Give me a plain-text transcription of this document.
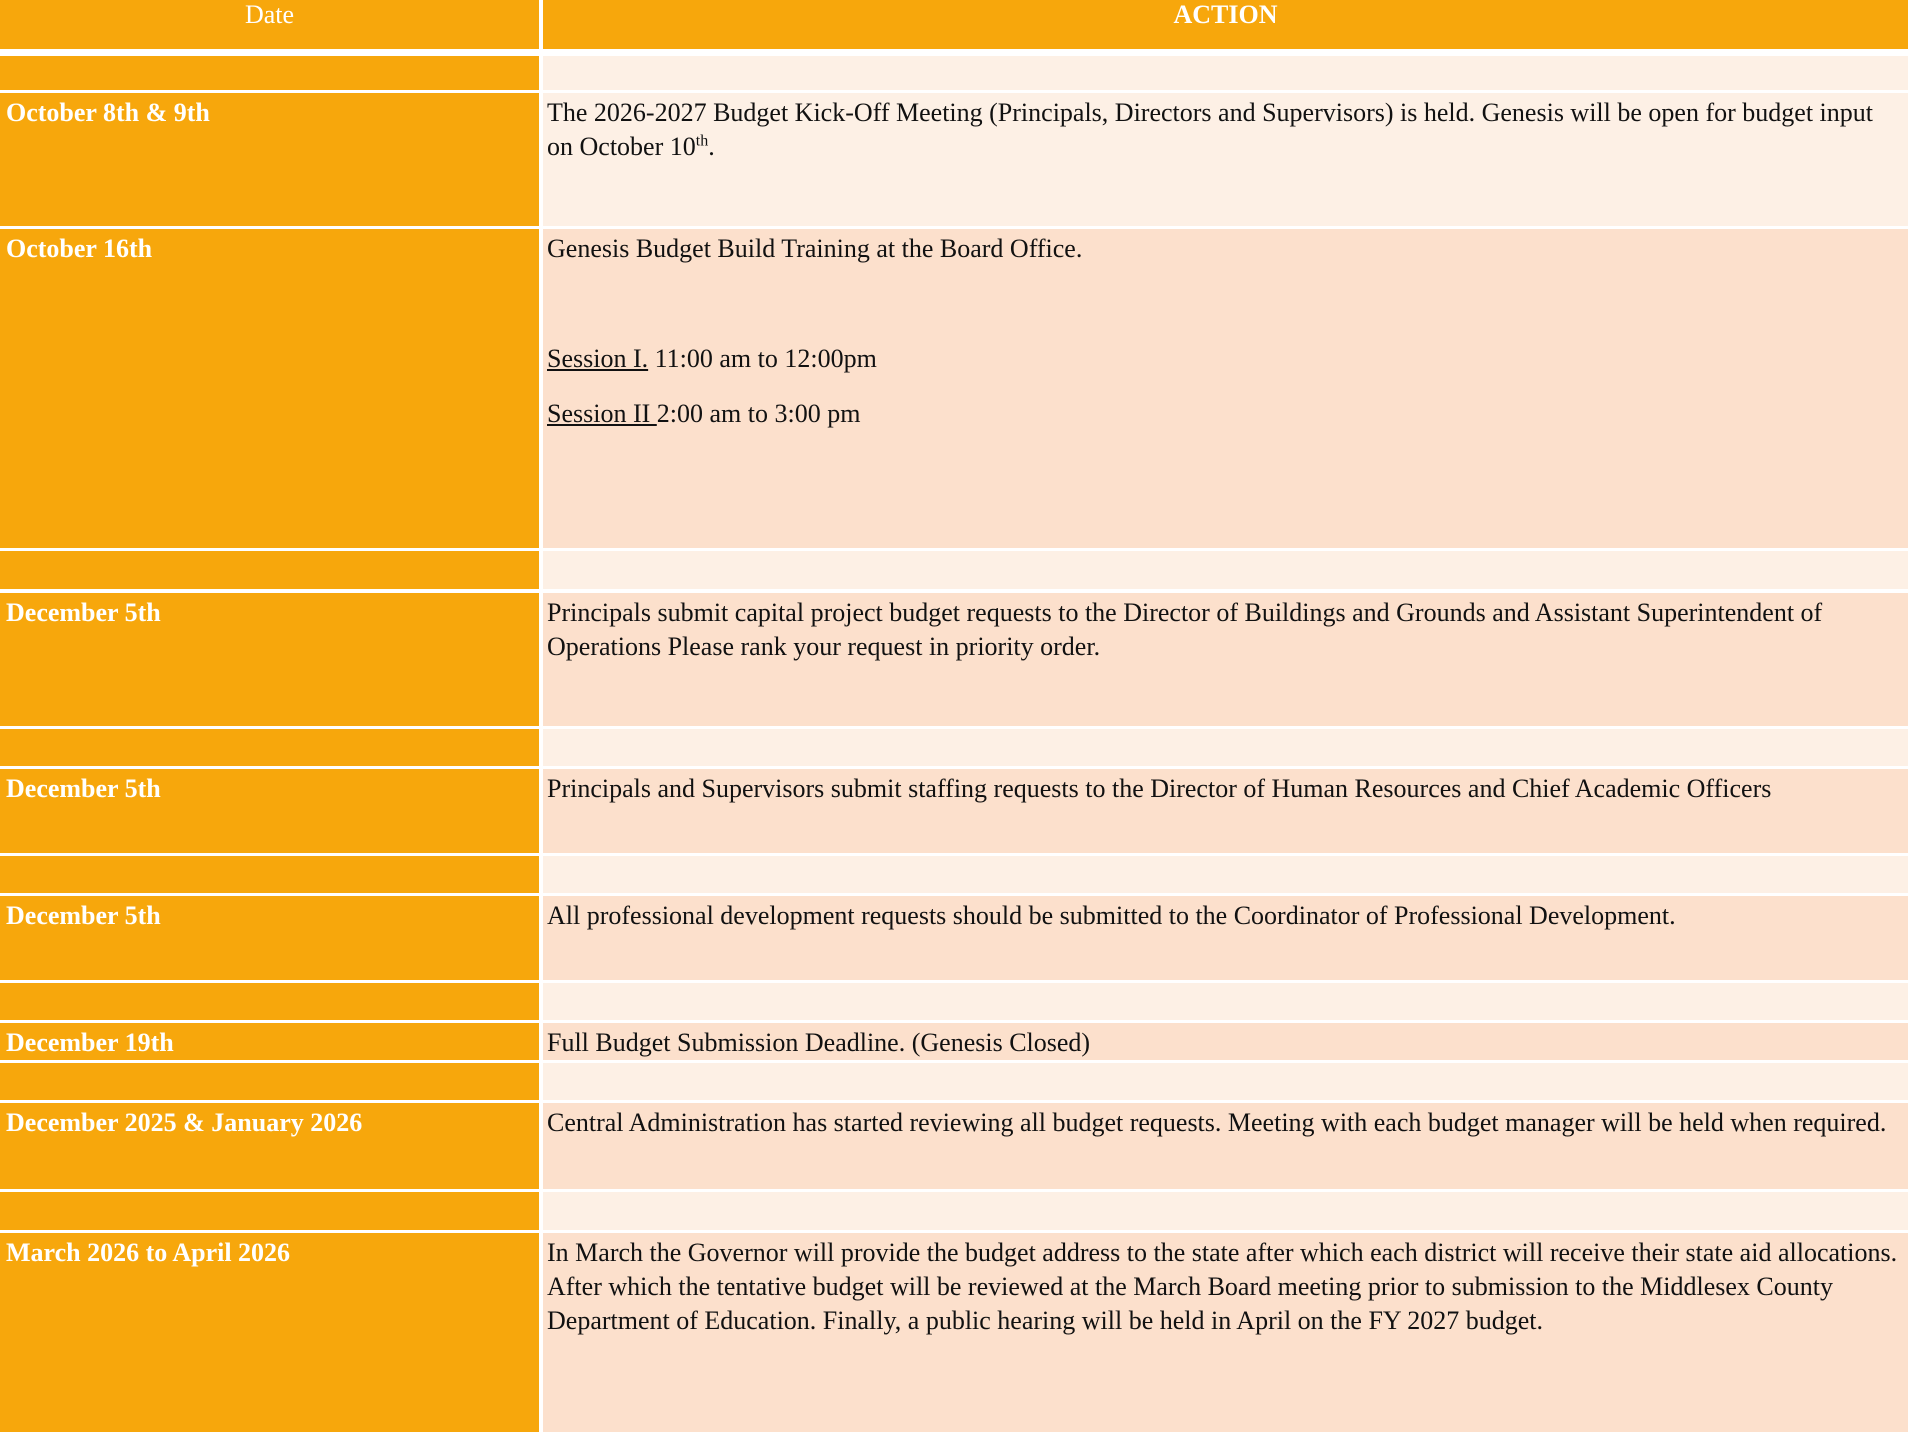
Date	ACTION
October 8th & 9th	The 2026-2027 Budget Kick-Off Meeting (Principals, Directors and Supervisors) is held. Genesis will be open for budget input on October 10th.
October 16th	Genesis Budget Build Training at the Board Office.

Session I. 11:00 am to 12:00pm

Session II 2:00 am to 3:00 pm

December 5th	Principals submit capital project budget requests to the Director of Buildings and Grounds and Assistant Superintendent of Operations Please rank your request in priority order.
December 5th	Principals and Supervisors submit staffing requests to the Director of Human Resources and Chief Academic Officers
December 5th	All professional development requests should be submitted to the Coordinator of Professional Development.
December 19th	Full Budget Submission Deadline. (Genesis Closed)
December 2025 & January 2026	Central Administration has started reviewing all budget requests. Meeting with each budget manager will be held when required.
March 2026 to April 2026	In March the Governor will provide the budget address to the state after which each district will receive their state aid allocations. After which the tentative budget will be reviewed at the March Board meeting prior to submission to the Middlesex County Department of Education. Finally, a public hearing will be held in April on the FY 2027 budget.
